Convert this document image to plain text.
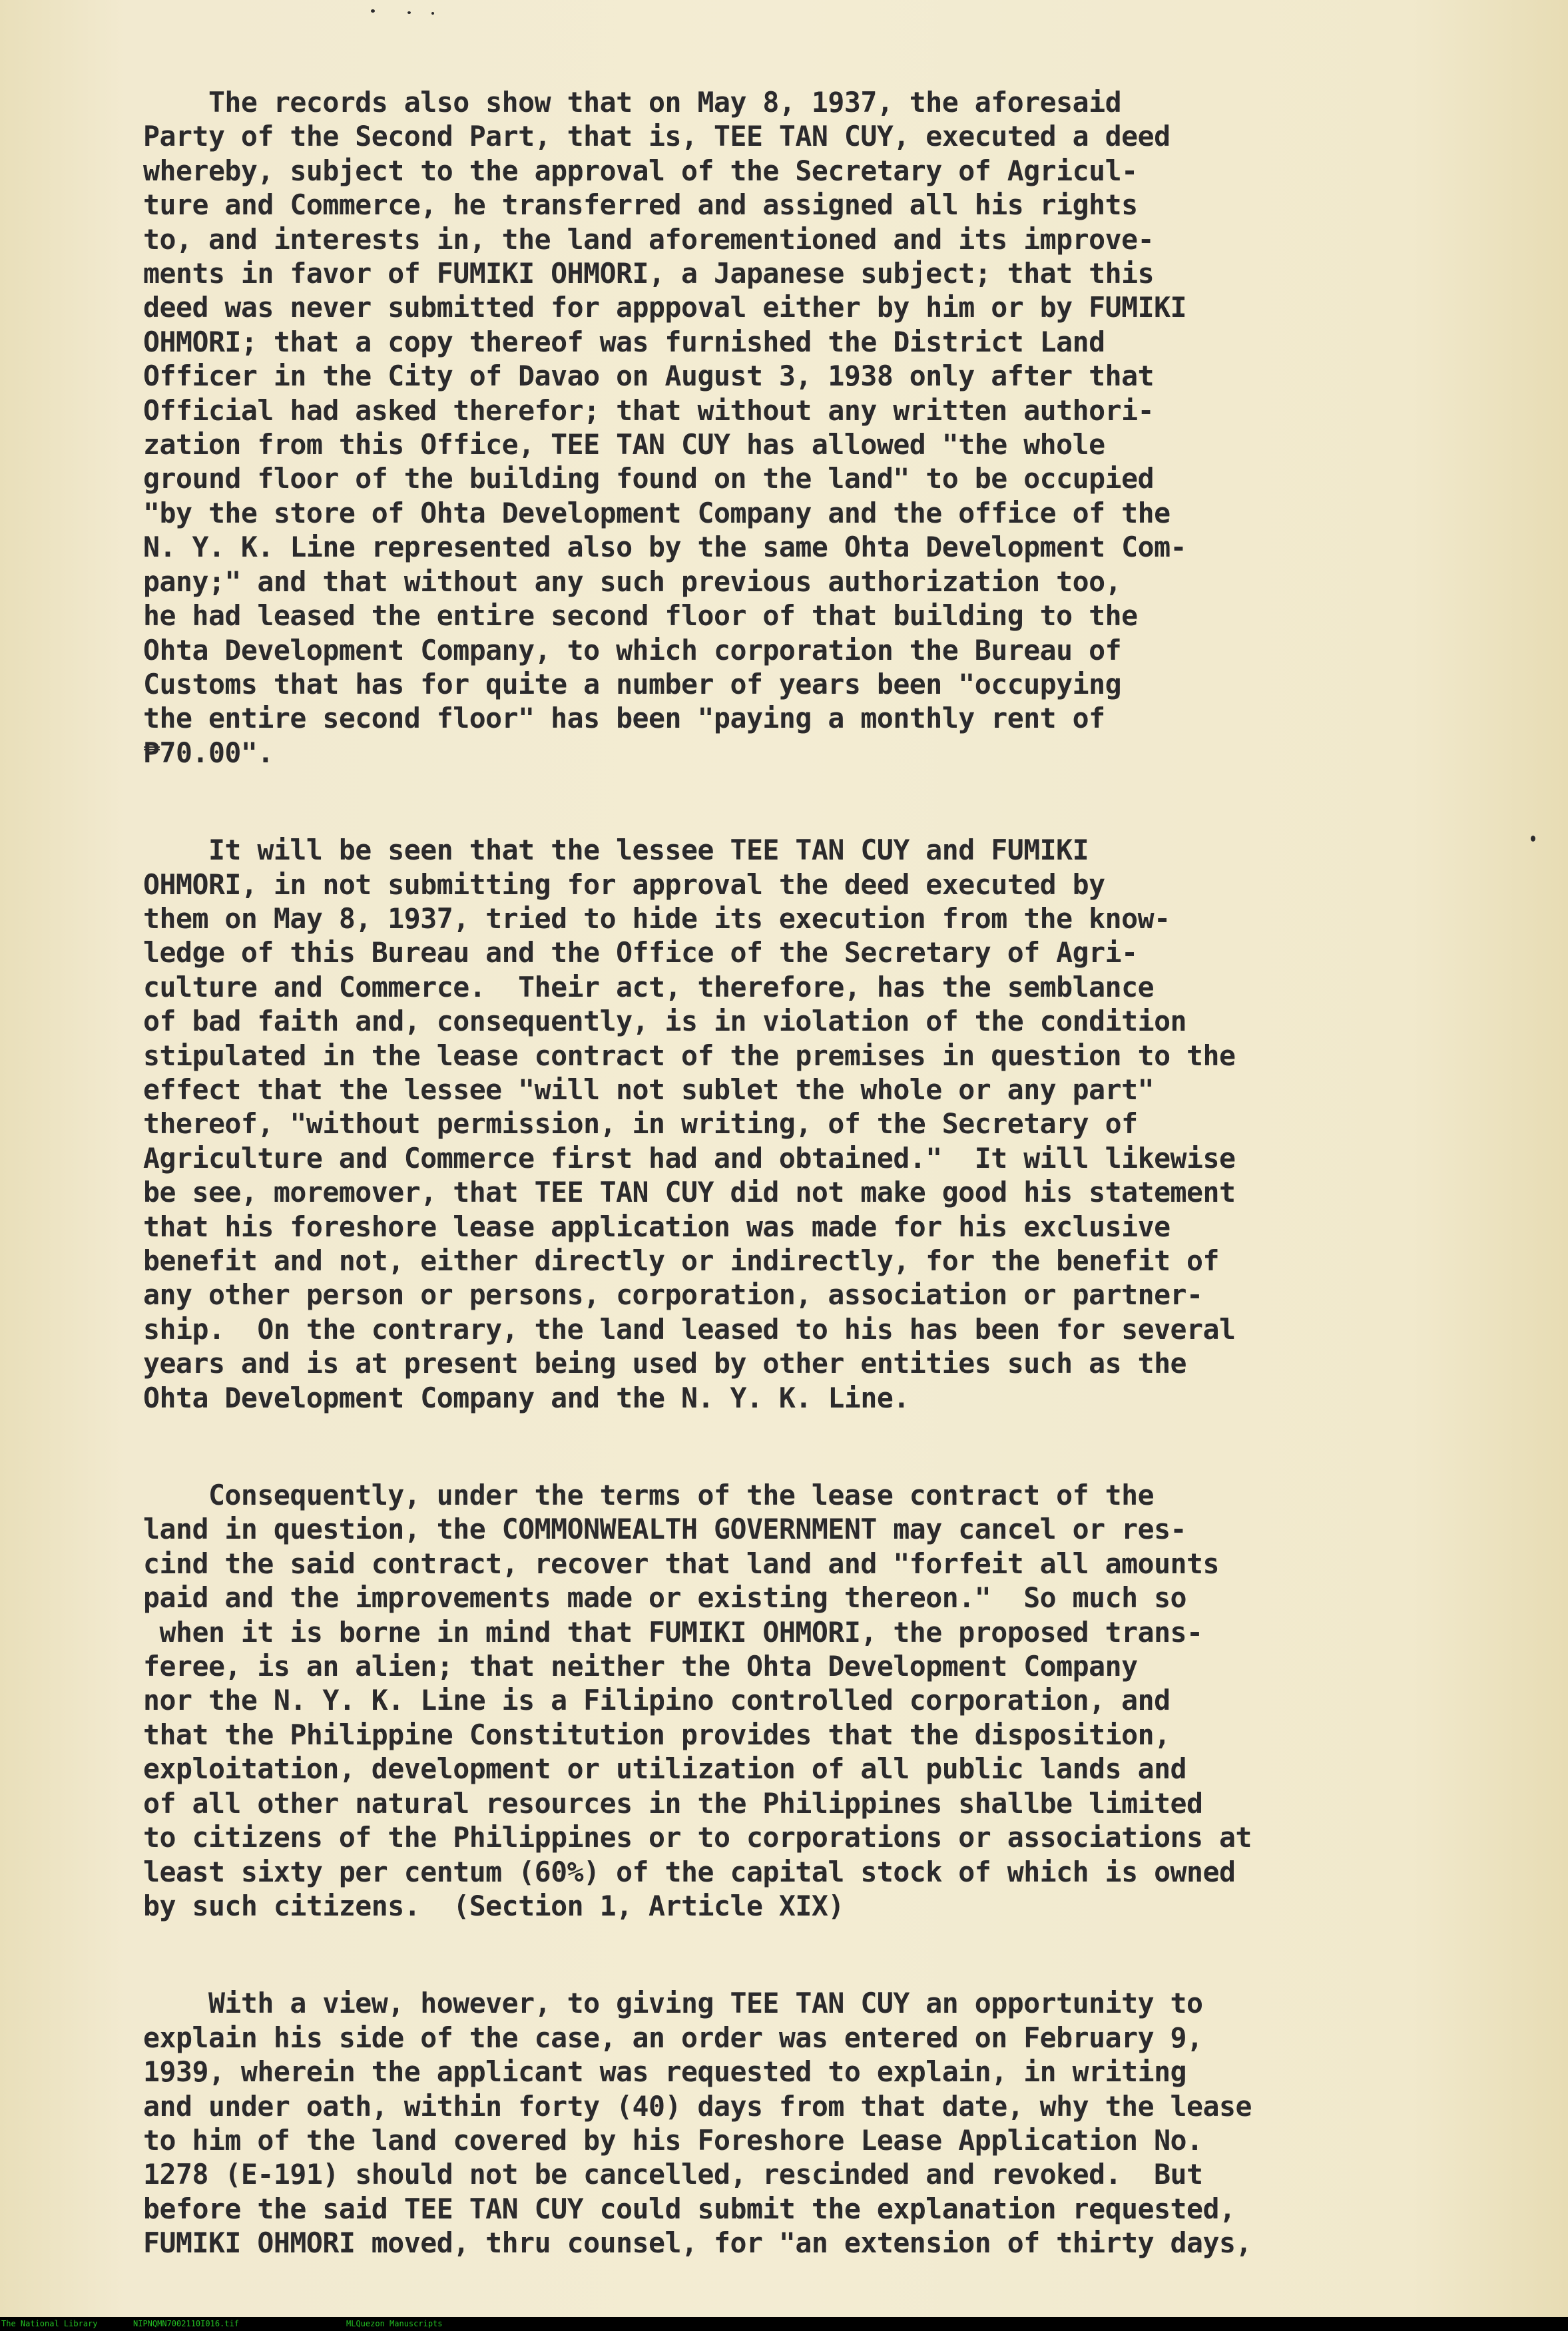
The records also show that on May 8, 1937, the aforesaid
Party of the Second Part, that is, TEE TAN CUY, executed a deed
whereby, subject to the approval of the Secretary of Agricul-
ture and Commerce, he transferred and assigned all his rights
to, and interests in, the land aforementioned and its improve-
ments in favor of FUMIKI OHMORI, a Japanese subject; that this
deed was never submitted for apppoval either by him or by FUMIKI
OHMORI; that a copy thereof was furnished the District Land
Officer in the City of Davao on August 3, 1938 only after that
Official had asked therefor; that without any written authori-
zation from this Office, TEE TAN CUY has allowed "the whole
ground floor of the building found on the land" to be occupied
"by the store of Ohta Development Company and the office of the
N. Y. K. Line represented also by the same Ohta Development Com-
pany;" and that without any such previous authorization too,
he had leased the entire second floor of that building to the
Ohta Development Company, to which corporation the Bureau of
Customs that has for quite a number of years been "occupying
the entire second floor" has been "paying a monthly rent of
₱70.00".
It will be seen that the lessee TEE TAN CUY and FUMIKI
OHMORI, in not submitting for approval the deed executed by
them on May 8, 1937, tried to hide its execution from the know-
ledge of this Bureau and the Office of the Secretary of Agri-
culture and Commerce.  Their act, therefore, has the semblance
of bad faith and, consequently, is in violation of the condition
stipulated in the lease contract of the premises in question to the
effect that the lessee "will not sublet the whole or any part"
thereof, "without permission, in writing, of the Secretary of
Agriculture and Commerce first had and obtained."  It will likewise
be see, moremover, that TEE TAN CUY did not make good his statement
that his foreshore lease application was made for his exclusive
benefit and not, either directly or indirectly, for the benefit of
any other person or persons, corporation, association or partner-
ship.  On the contrary, the land leased to his has been for several
years and is at present being used by other entities such as the
Ohta Development Company and the N. Y. K. Line.
Consequently, under the terms of the lease contract of the
land in question, the COMMONWEALTH GOVERNMENT may cancel or res-
cind the said contract, recover that land and "forfeit all amounts
paid and the improvements made or existing thereon."  So much so
when it is borne in mind that FUMIKI OHMORI, the proposed trans-
feree, is an alien; that neither the Ohta Development Company
nor the N. Y. K. Line is a Filipino controlled corporation, and
that the Philippine Constitution provides that the disposition,
exploitation, development or utilization of all public lands and
of all other natural resources in the Philippines shallbe limited
to citizens of the Philippines or to corporations or associations at
least sixty per centum (60%) of the capital stock of which is owned
by such citizens.  (Section 1, Article XIX)
With a view, however, to giving TEE TAN CUY an opportunity to
explain his side of the case, an order was entered on February 9,
1939, wherein the applicant was requested to explain, in writing
and under oath, within forty (40) days from that date, why the lease
to him of the land covered by his Foreshore Lease Application No.
1278 (E-191) should not be cancelled, rescinded and revoked.  But
before the said TEE TAN CUY could submit the explanation requested,
FUMIKI OHMORI moved, thru counsel, for "an extension of thirty days,
The National Library	NIPNQMN7002110I016.tif	MLQuezon Manuscripts
